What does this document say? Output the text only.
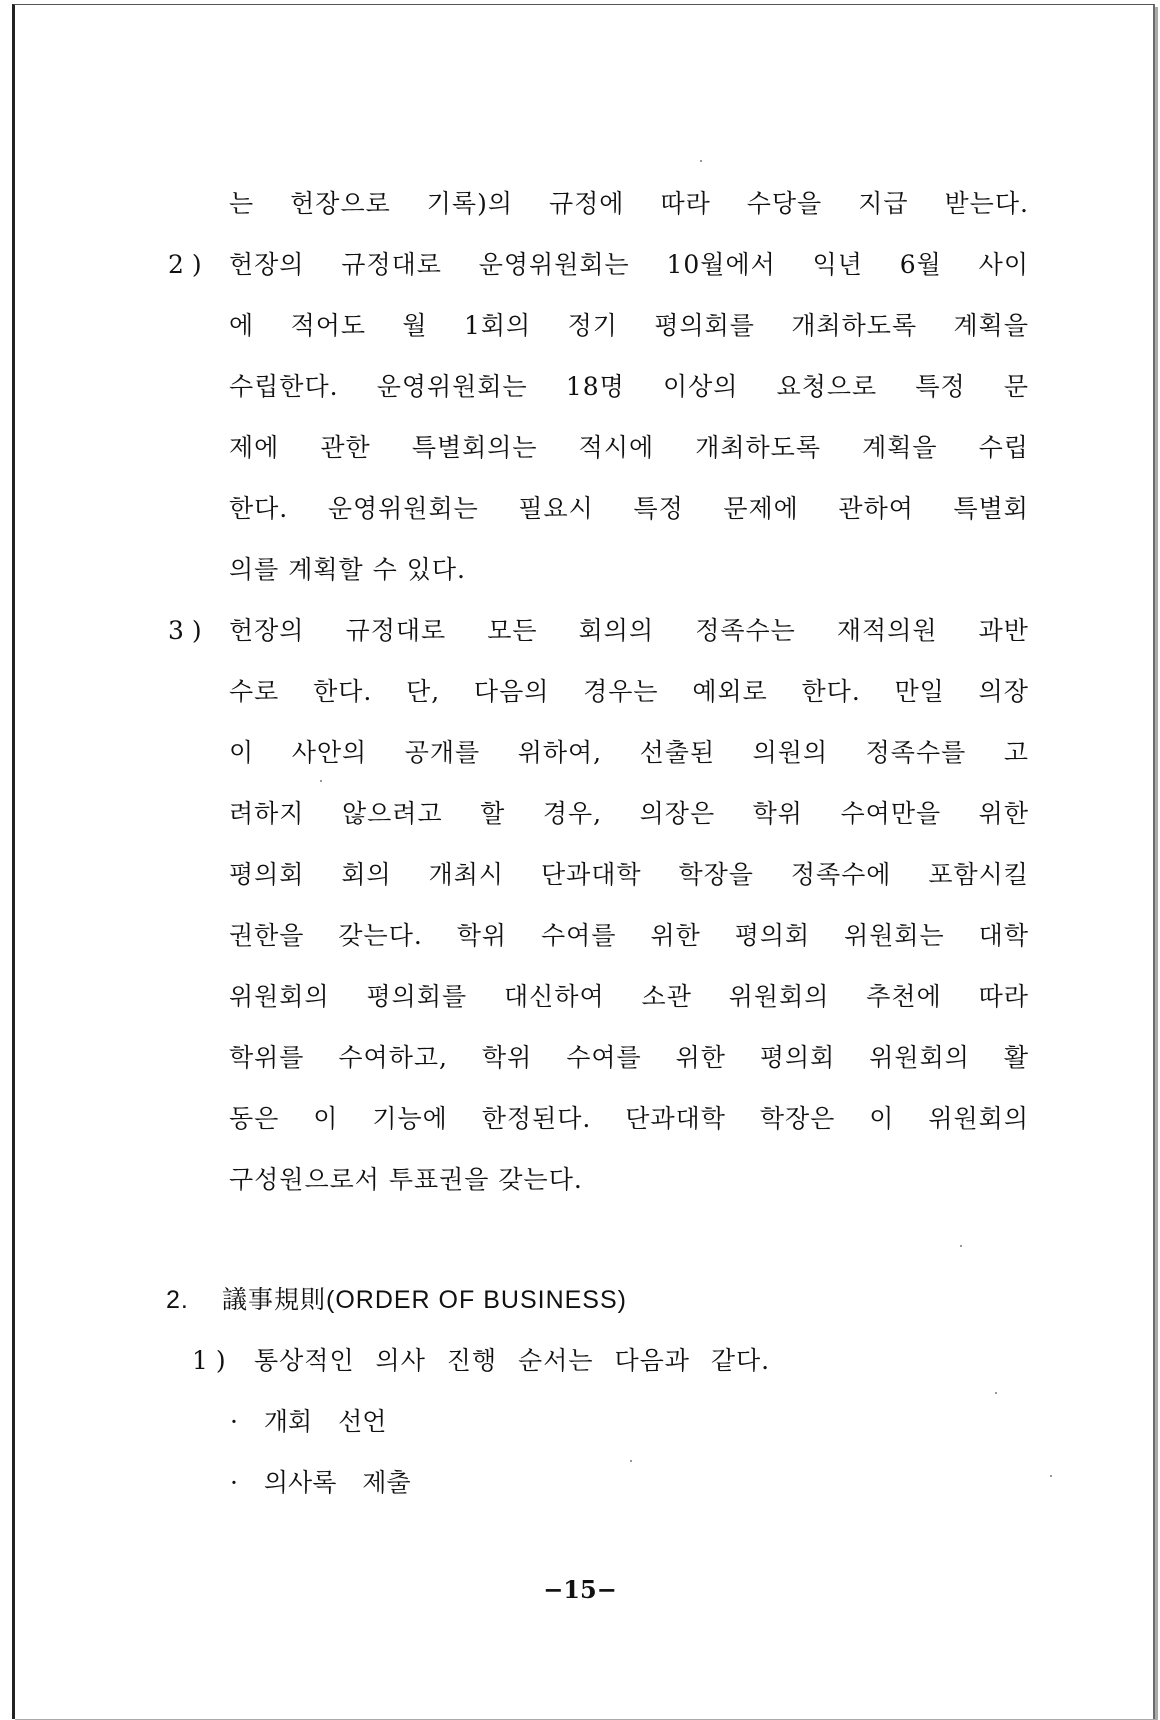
는 헌장으로 기록)의 규정에 따라 수당을 지급 받는다.
2 ) 헌장의 규정대로 운영위원회는 10월에서 익년 6월 사이
에 적어도 월 1회의 정기 평의회를 개최하도록 계획을
수립한다. 운영위원회는 18명 이상의 요청으로 특정 문
제에 관한 특별회의는 적시에 개최하도록 계획을 수립
한다. 운영위원회는 필요시 특정 문제에 관하여 특별회
의를 계획할 수 있다.
3 ) 헌장의 규정대로 모든 회의의 정족수는 재적의원 과반
수로 한다. 단, 다음의 경우는 예외로 한다. 만일 의장
이 사안의 공개를 위하여, 선출된 의원의 정족수를 고
려하지 않으려고 할 경우, 의장은 학위 수여만을 위한
평의회 회의 개최시 단과대학 학장을 정족수에 포함시킬
권한을 갖는다. 학위 수여를 위한 평의회 위원회는 대학
위원회의 평의회를 대신하여 소관 위원회의 추천에 따라
학위를 수여하고, 학위 수여를 위한 평의회 위원회의 활
동은 이 기능에 한정된다. 단과대학 학장은 이 위원회의
구성원으로서 투표권을 갖는다.
2. 議事規則(ORDER OF BUSINESS)
1 ) 통상적인 의사 진행 순서는 다음과 같다.
· 개회 선언
· 의사록 제출
−15−
